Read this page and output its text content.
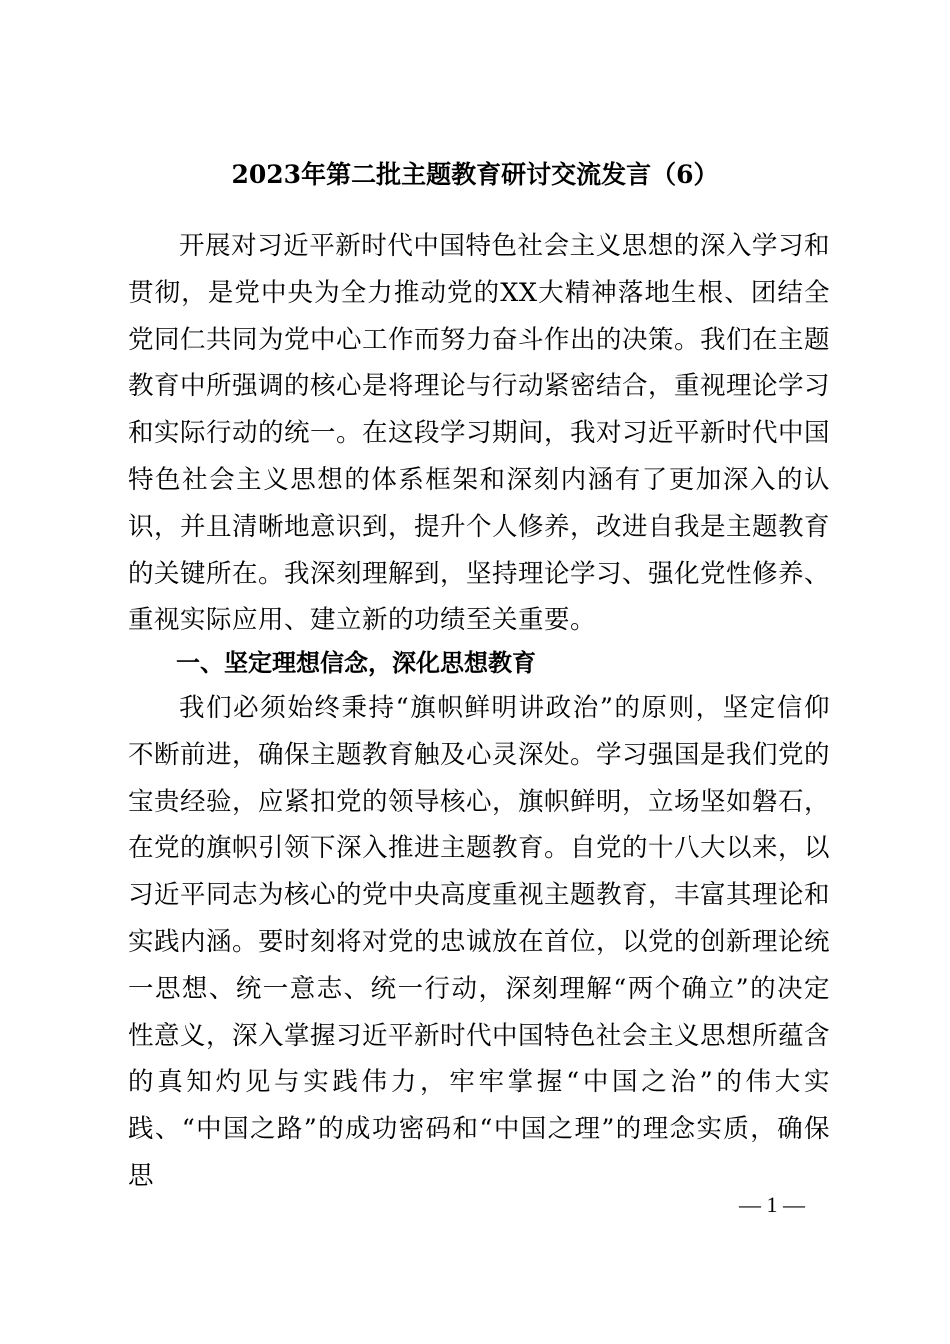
2023年第二批主题教育研讨交流发言（6）

开展对习近平新时代中国特色社会主义思想的深入学习和贯彻，是党中央为全力推动党的XX大精神落地生根、团结全党同仁共同为党中心工作而努力奋斗作出的决策。我们在主题教育中所强调的核心是将理论与行动紧密结合，重视理论学习和实际行动的统一。在这段学习期间，我对习近平新时代中国特色社会主义思想的体系框架和深刻内涵有了更加深入的认识，并且清晰地意识到，提升个人修养，改进自我是主题教育的关键所在。我深刻理解到，坚持理论学习、强化党性修养、重视实际应用、建立新的功绩至关重要。

一、坚定理想信念，深化思想教育

我们必须始终秉持“旗帜鲜明讲政治”的原则，坚定信仰不断前进，确保主题教育触及心灵深处。学习强国是我们党的宝贵经验，应紧扣党的领导核心，旗帜鲜明，立场坚如磐石，在党的旗帜引领下深入推进主题教育。自党的十八大以来，以习近平同志为核心的党中央高度重视主题教育，丰富其理论和实践内涵。要时刻将对党的忠诚放在首位，以党的创新理论统一思想、统一意志、统一行动，深刻理解“两个确立”的决定性意义，深入掌握习近平新时代中国特色社会主义思想所蕴含的真知灼见与实践伟力，牢牢掌握“中国之治”的伟大实践、“中国之路”的成功密码和“中国之理”的理念实质，确保思

— 1 —
